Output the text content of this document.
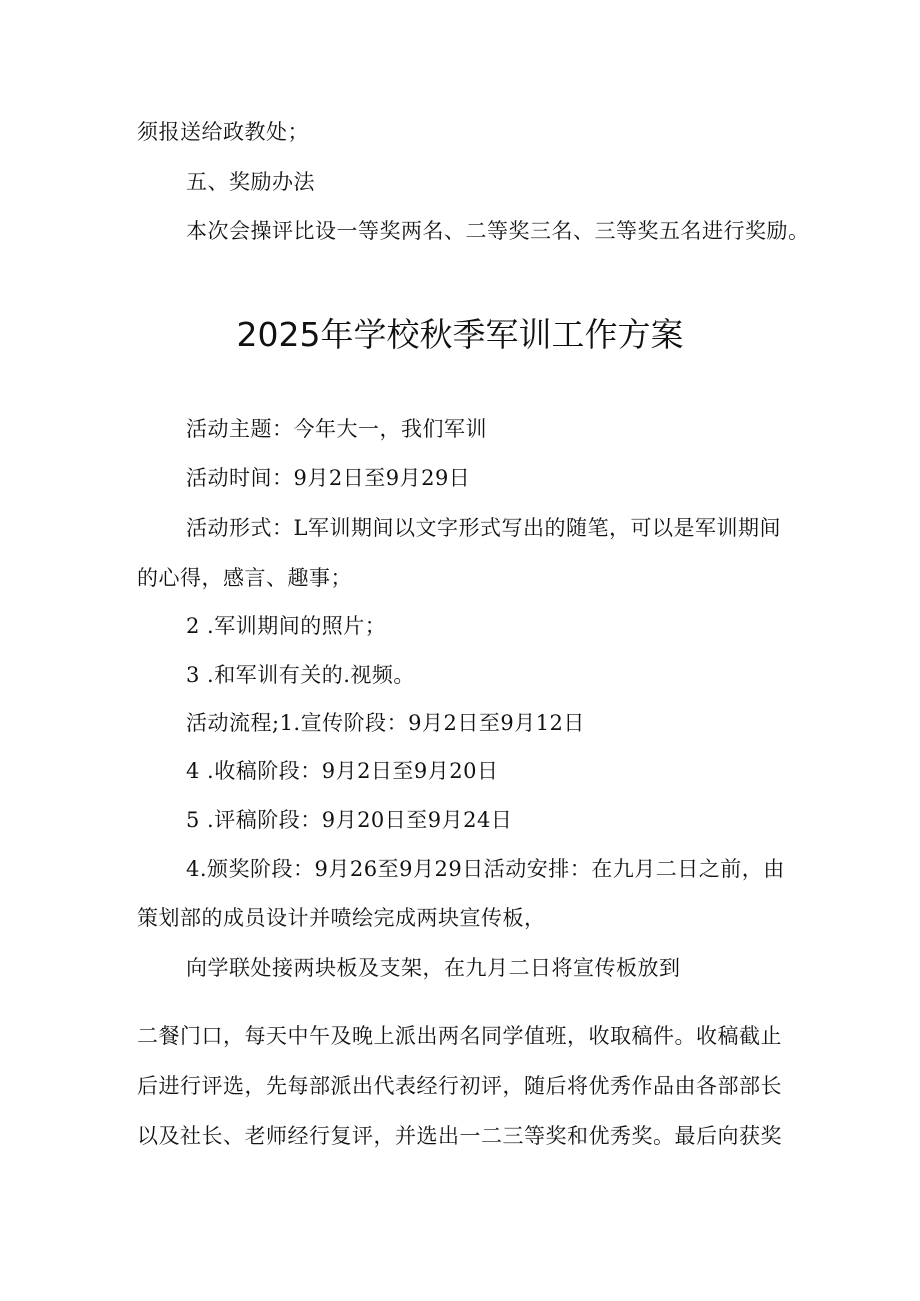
须报送给政教处；
五、奖励办法
本次会操评比设一等奖两名、二等奖三名、三等奖五名进行奖励。
2025年学校秋季军训工作方案
活动主题：今年大一，我们军训
活动时间：9月2日至9月29日
活动形式：L军训期间以文字形式写出的随笔，可以是军训期间
的心得，感言、趣事；
2 .军训期间的照片；
3 .和军训有关的.视频。
活动流程;1.宣传阶段：9月2日至9月12日
4 .收稿阶段：9月2日至9月20日
5 .评稿阶段：9月20日至9月24日
4.颁奖阶段：9月26至9月29日活动安排：在九月二日之前，由
策划部的成员设计并喷绘完成两块宣传板，
向学联处接两块板及支架，在九月二日将宣传板放到
二餐门口，每天中午及晚上派出两名同学值班，收取稿件。收稿截止
后进行评选，先每部派出代表经行初评，随后将优秀作品由各部部长
以及社长、老师经行复评，并选出一二三等奖和优秀奖。最后向获奖
